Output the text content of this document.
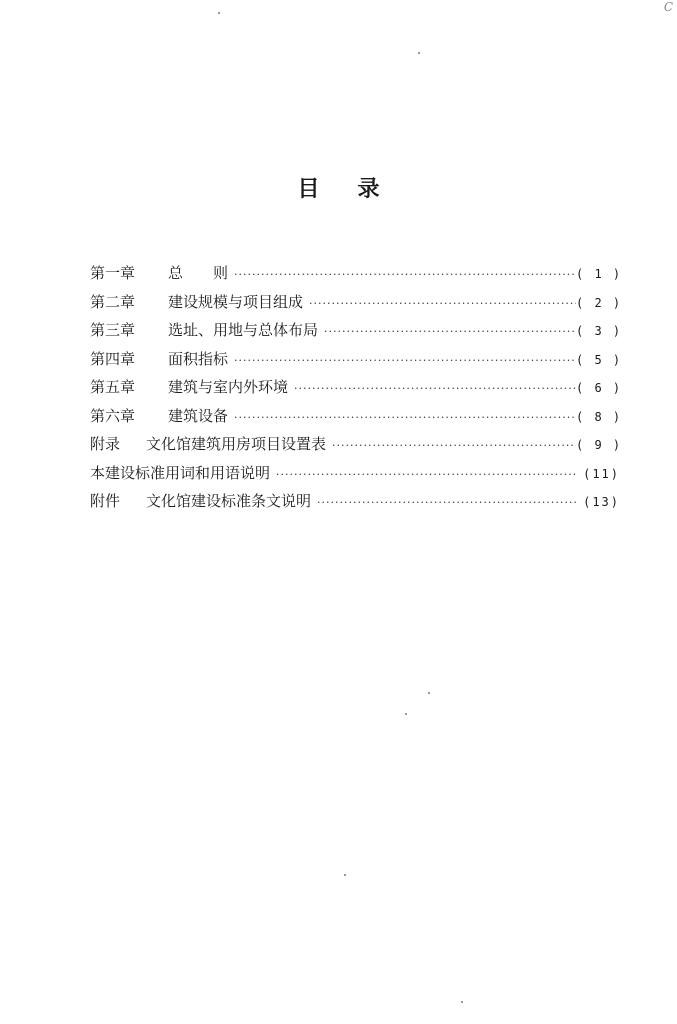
C
目录
第一章	总　　则 ·····	( 1 )
第二章	建设规模与项目组成 ·····	( 2 )
第三章	选址、用地与总体布局 ·····	( 3 )
第四章	面积指标 ·····	( 5 )
第五章	建筑与室内外环境 ·····	( 6 )
第六章	建筑设备 ·····	( 8 )
附录	文化馆建筑用房项目设置表 ·····	( 9 )
本建设标准用词和用语说明 ·····	(11)
附件	文化馆建设标准条文说明 ·····	(13)
